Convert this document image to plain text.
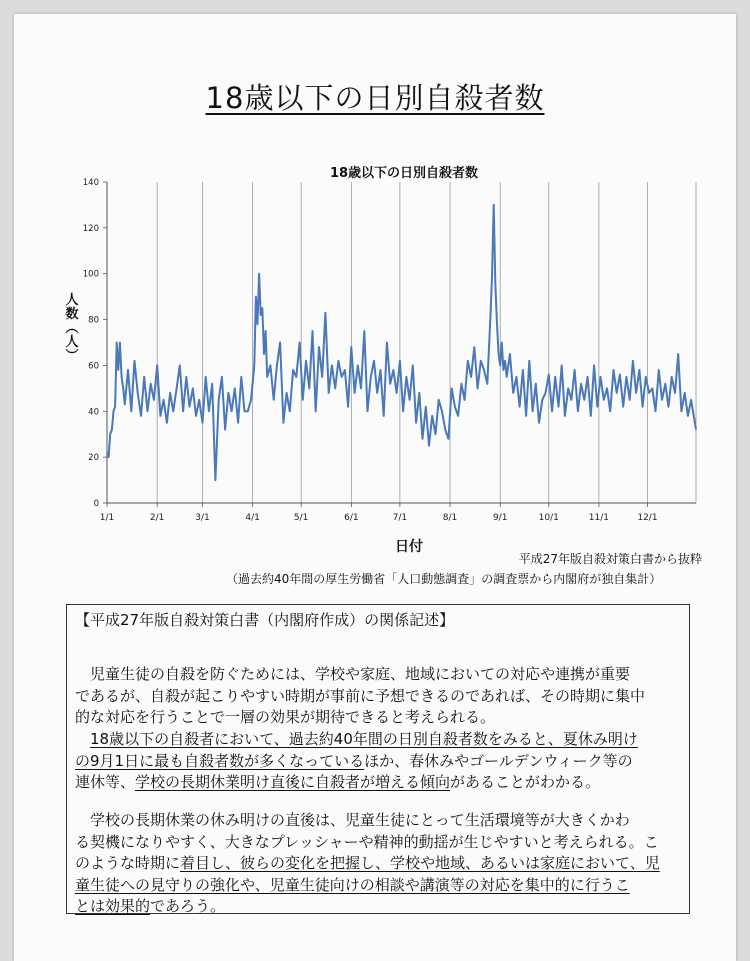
18歳以下の日別自殺者数
18歳以下の日別自殺者数
0
20
40
60
80
100
120
140
1/1	2/1	3/1	4/1	5/1	6/1	7/1	8/1	9/1	10/1	11/1	12/1
日付
人数︵人︶
平成27年版自殺対策白書から抜粋
（過去約40年間の厚生労働省「人口動態調査」の調査票から内閣府が独自集計）
【平成27年版自殺対策白書（内閣府作成）の関係記述】
　児童生徒の自殺を防ぐためには、学校や家庭、地域においての対応や連携が重要
であるが、自殺が起こりやすい時期が事前に予想できるのであれば、その時期に集中
的な対応を行うことで一層の効果が期待できると考えられる。
　18歳以下の自殺者において、過去約40年間の日別自殺者数をみると、夏休み明け
の9月1日に最も自殺者数が多くなっているほか、春休みやゴールデンウィーク等の
連休等、学校の長期休業明け直後に自殺者が増える傾向があることがわかる。
　学校の長期休業の休み明けの直後は、児童生徒にとって生活環境等が大きくかわ
る契機になりやすく、大きなプレッシャーや精神的動揺が生じやすいと考えられる。こ
のような時期に着目し、彼らの変化を把握し、学校や地域、あるいは家庭において、児
童生徒への見守りの強化や、児童生徒向けの相談や講演等の対応を集中的に行うこ
とは効果的であろう。
